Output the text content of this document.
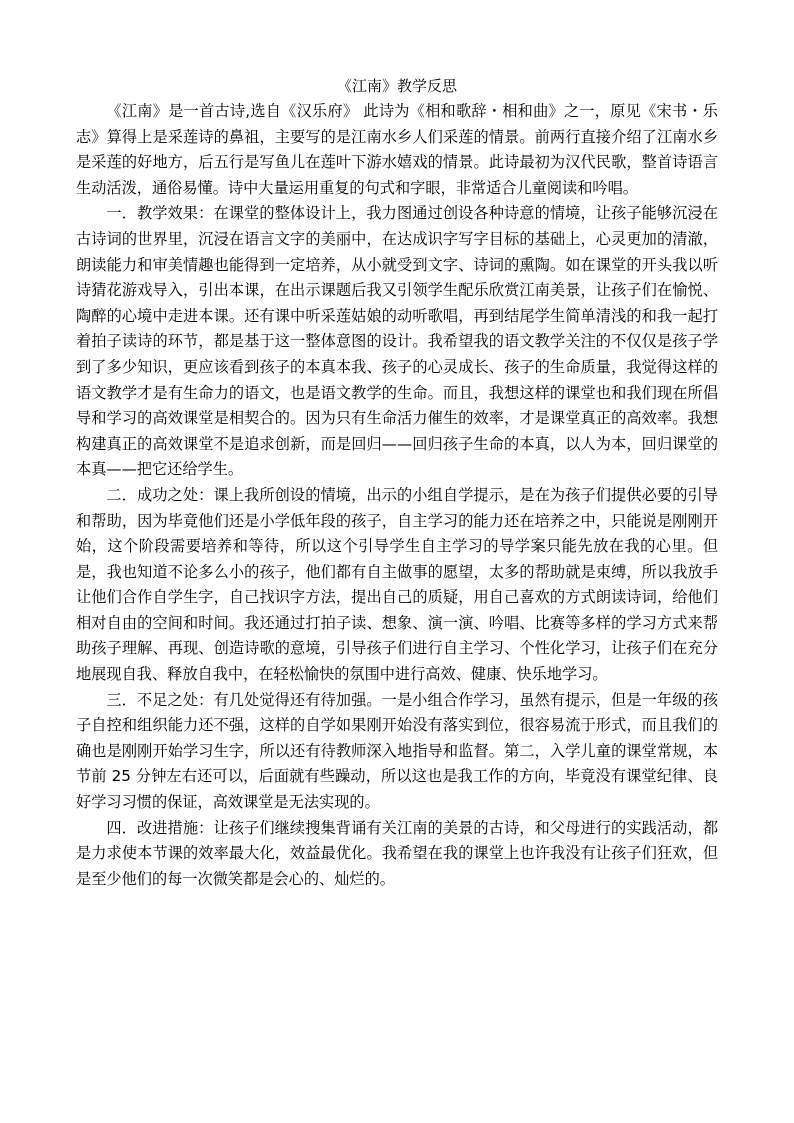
《江南》教学反思

《江南》是一首古诗,选自《汉乐府》 此诗为《相和歌辞・相和曲》之一，原见《宋书・乐志》算得上是采莲诗的鼻祖，主要写的是江南水乡人们采莲的情景。前两行直接介绍了江南水乡是采莲的好地方，后五行是写鱼儿在莲叶下游水嬉戏的情景。此诗最初为汉代民歌，整首诗语言生动活泼，通俗易懂。诗中大量运用重复的句式和字眼，非常适合儿童阅读和吟唱。

一．教学效果：在课堂的整体设计上，我力图通过创设各种诗意的情境，让孩子能够沉浸在古诗词的世界里，沉浸在语言文字的美丽中，在达成识字写字目标的基础上，心灵更加的清澈，朗读能力和审美情趣也能得到一定培养，从小就受到文字、诗词的熏陶。如在课堂的开头我以听诗猜花游戏导入，引出本课，在出示课题后我又引领学生配乐欣赏江南美景，让孩子们在愉悦、陶醉的心境中走进本课。还有课中听采莲姑娘的动听歌唱，再到结尾学生简单清浅的和我一起打着拍子读诗的环节，都是基于这一整体意图的设计。我希望我的语文教学关注的不仅仅是孩子学到了多少知识，更应该看到孩子的本真本我、孩子的心灵成长、孩子的生命质量，我觉得这样的语文教学才是有生命力的语文，也是语文教学的生命。而且，我想这样的课堂也和我们现在所倡导和学习的高效课堂是相契合的。因为只有生命活力催生的效率，才是课堂真正的高效率。我想构建真正的高效课堂不是追求创新，而是回归——回归孩子生命的本真，以人为本，回归课堂的本真——把它还给学生。

二．成功之处：课上我所创设的情境，出示的小组自学提示，是在为孩子们提供必要的引导和帮助，因为毕竟他们还是小学低年段的孩子，自主学习的能力还在培养之中，只能说是刚刚开始，这个阶段需要培养和等待，所以这个引导学生自主学习的导学案只能先放在我的心里。但是，我也知道不论多么小的孩子，他们都有自主做事的愿望，太多的帮助就是束缚，所以我放手让他们合作自学生字，自己找识字方法，提出自己的质疑，用自己喜欢的方式朗读诗词，给他们相对自由的空间和时间。我还通过打拍子读、想象、演一演、吟唱、比赛等多样的学习方式来帮助孩子理解、再现、创造诗歌的意境，引导孩子们进行自主学习、个性化学习，让孩子们在充分地展现自我、释放自我中，在轻松愉快的氛围中进行高效、健康、快乐地学习。

三．不足之处：有几处觉得还有待加强。一是小组合作学习，虽然有提示，但是一年级的孩子自控和组织能力还不强，这样的自学如果刚开始没有落实到位，很容易流于形式，而且我们的确也是刚刚开始学习生字，所以还有待教师深入地指导和监督。第二，入学儿童的课堂常规，本节前 25 分钟左右还可以，后面就有些躁动，所以这也是我工作的方向，毕竟没有课堂纪律、良好学习习惯的保证，高效课堂是无法实现的。

四．改进措施：让孩子们继续搜集背诵有关江南的美景的古诗，和父母进行的实践活动，都是力求使本节课的效率最大化，效益最优化。我希望在我的课堂上也许我没有让孩子们狂欢，但是至少他们的每一次微笑都是会心的、灿烂的。
